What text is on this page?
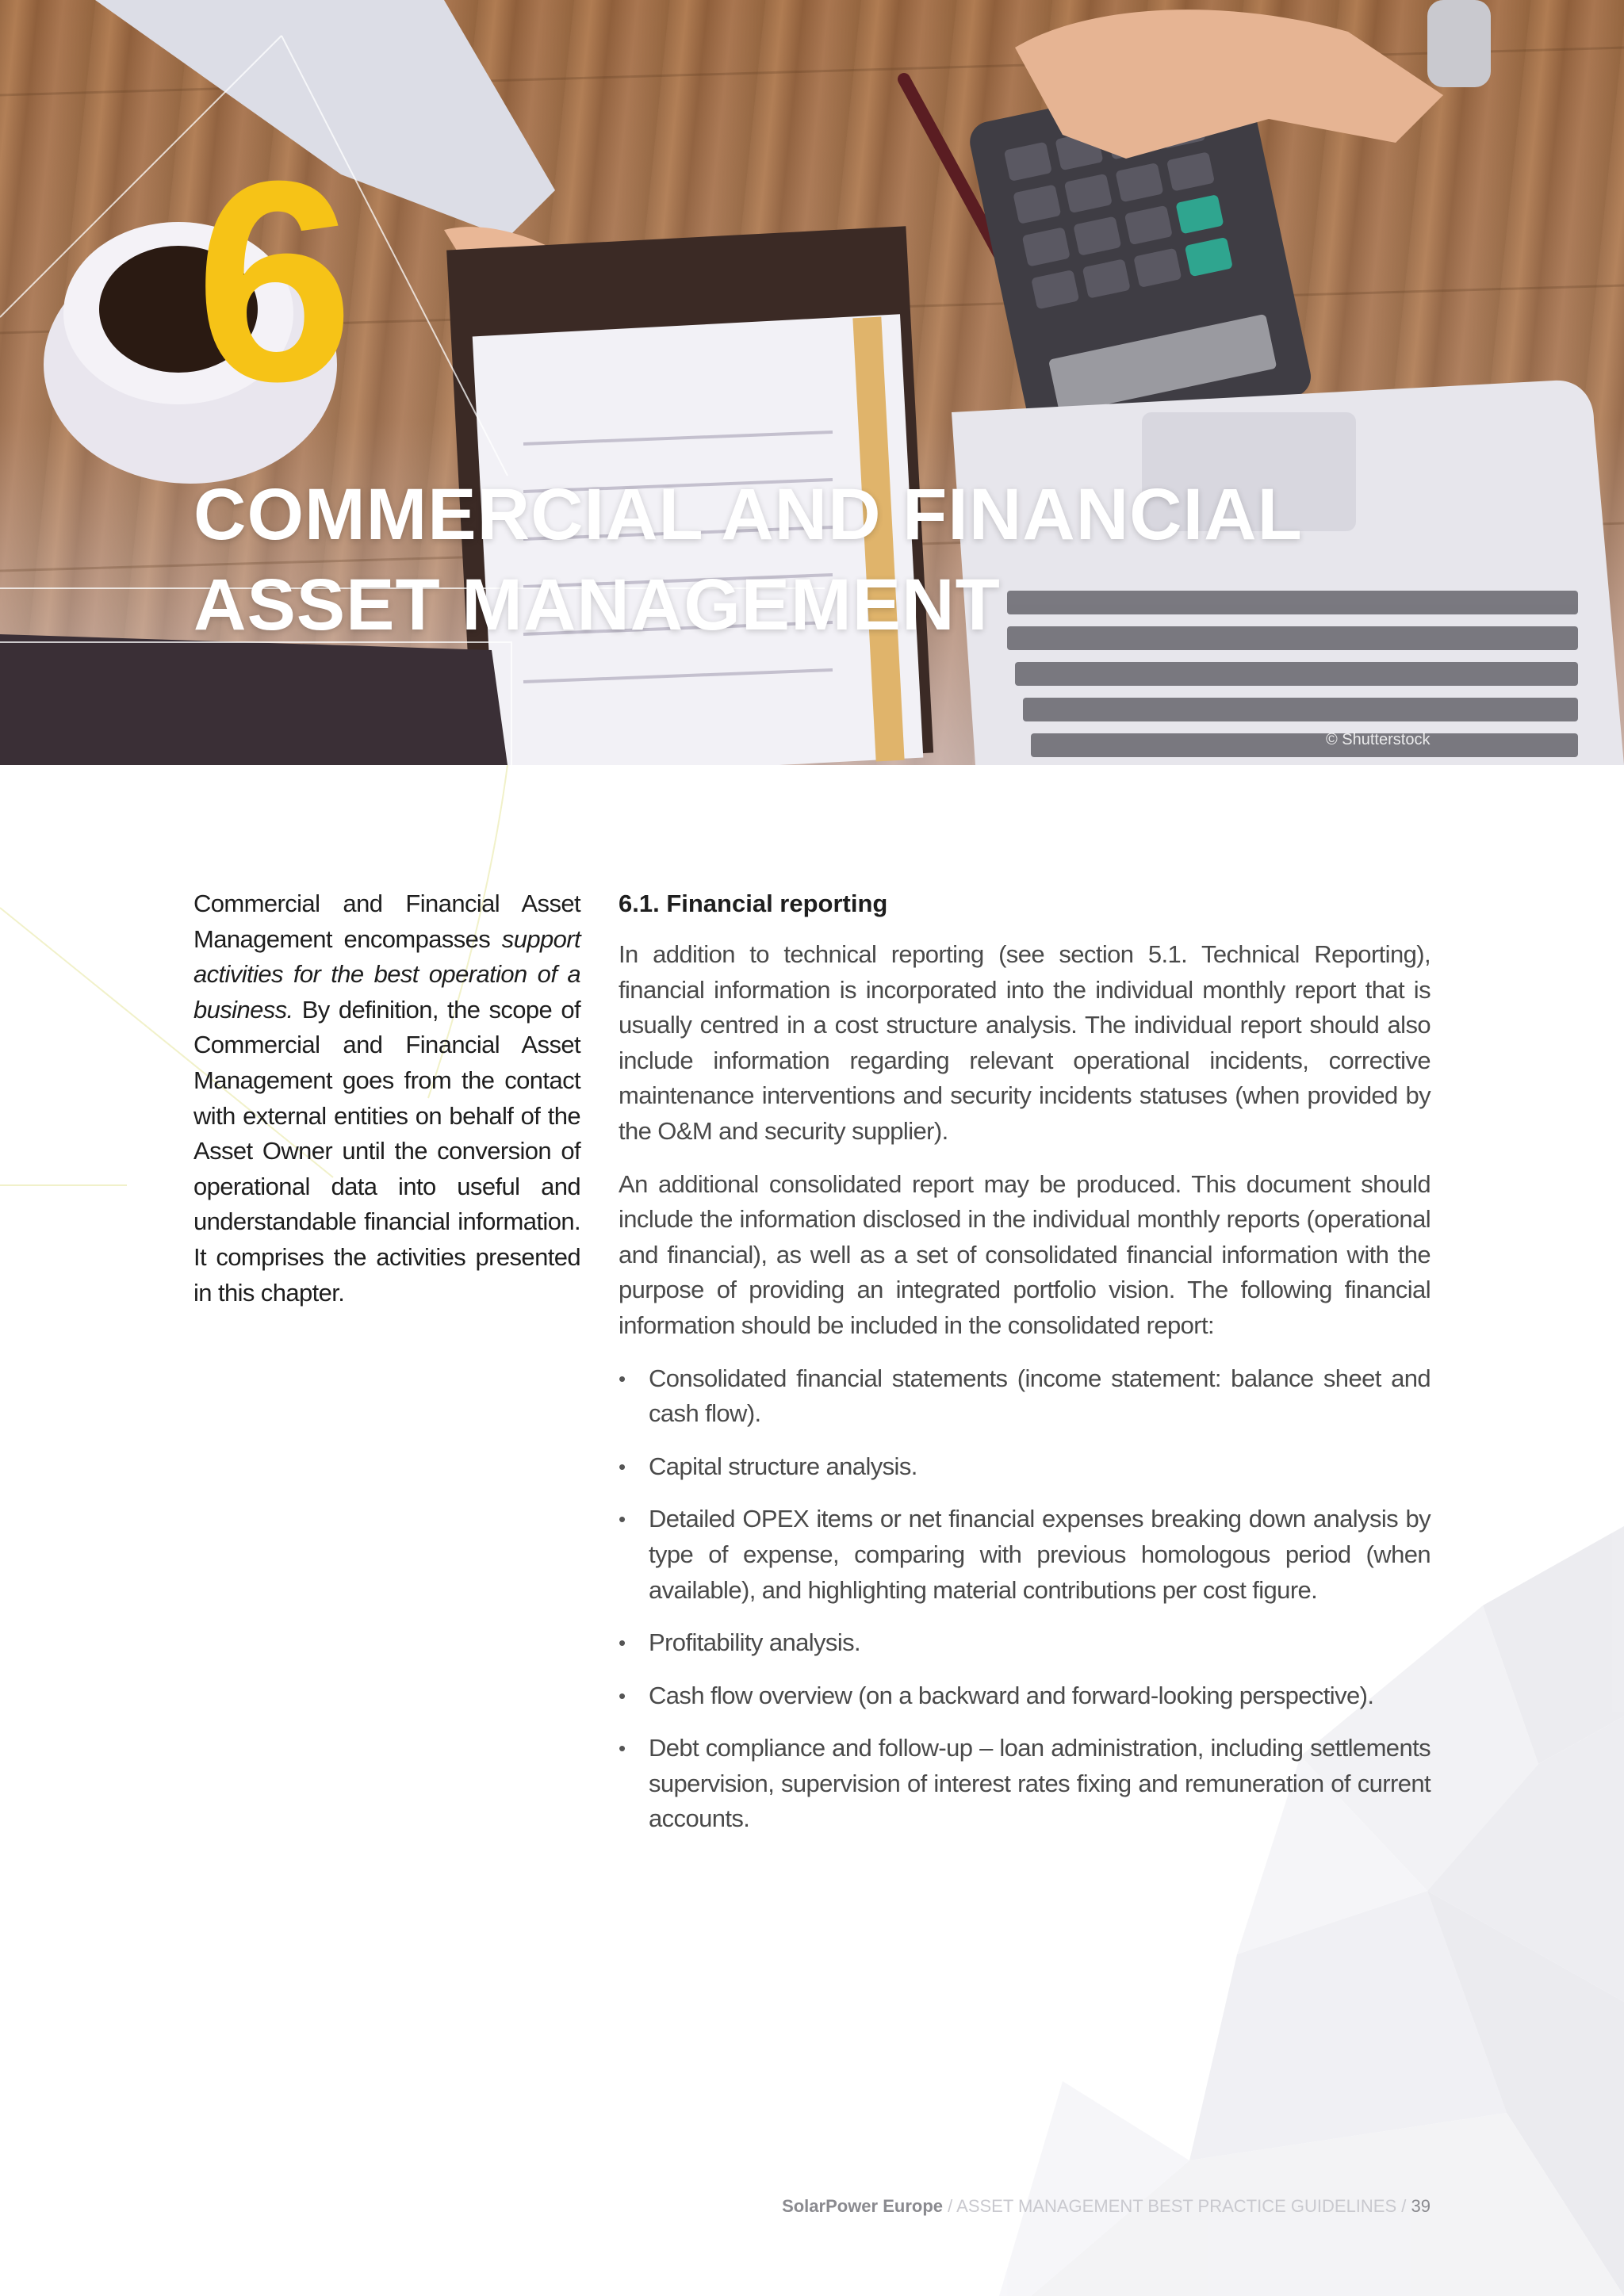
6
COMMERCIAL AND FINANCIAL
ASSET MANAGEMENT
© Shutterstock

Commercial and Financial Asset Management encompasses support activities for the best operation of a business. By definition, the scope of Commercial and Financial Asset Management goes from the contact with external entities on behalf of the Asset Owner until the conversion of operational data into useful and understandable financial information. It comprises the activities presented in this chapter.

6.1. Financial reporting

In addition to technical reporting (see section 5.1. Technical Reporting), financial information is incorporated into the individual monthly report that is usually centred in a cost structure analysis. The individual report should also include information regarding relevant operational incidents, corrective maintenance interventions and security incidents statuses (when provided by the O&M and security supplier).

An additional consolidated report may be produced. This document should include the information disclosed in the individual monthly reports (operational and financial), as well as a set of consolidated financial information with the purpose of providing an integrated portfolio vision. The following financial information should be included in the consolidated report:

• Consolidated financial statements (income statement: balance sheet and cash flow).
• Capital structure analysis.
• Detailed OPEX items or net financial expenses breaking down analysis by type of expense, comparing with previous homologous period (when available), and highlighting material contributions per cost figure.
• Profitability analysis.
• Cash flow overview (on a backward and forward-looking perspective).
• Debt compliance and follow-up – loan administration, including settlements supervision, supervision of interest rates fixing and remuneration of current accounts.
SolarPower Europe / ASSET MANAGEMENT BEST PRACTICE GUIDELINES / 39
